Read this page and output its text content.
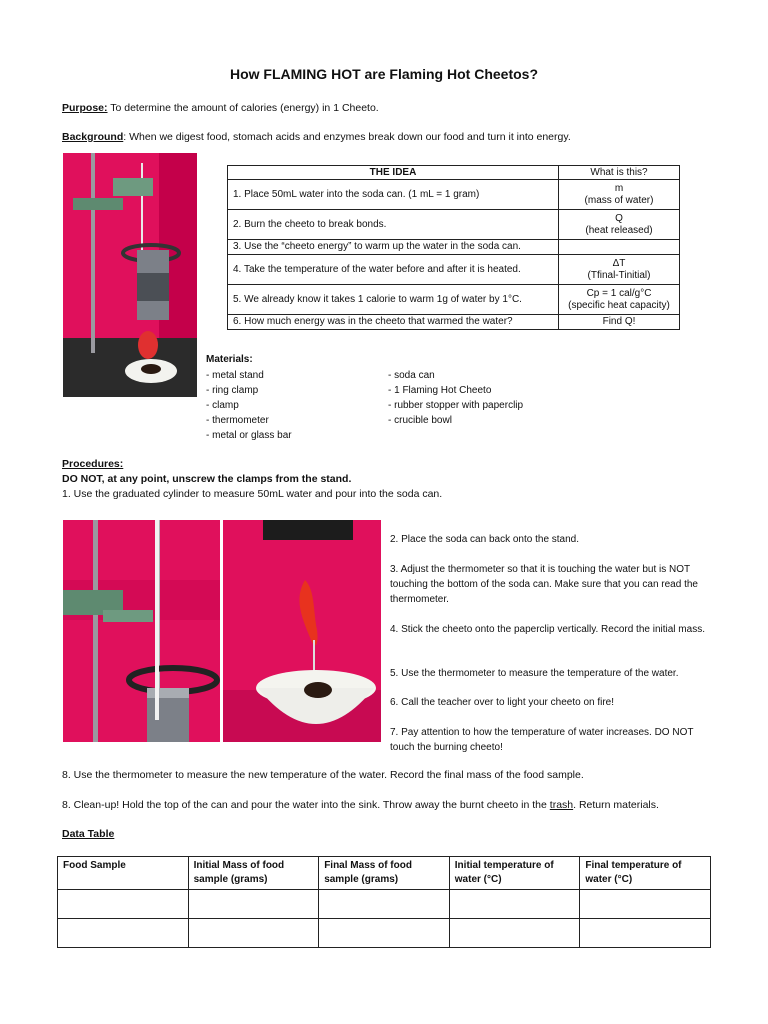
How FLAMING HOT are Flaming Hot Cheetos?
Purpose: To determine the amount of calories (energy) in 1 Cheeto.
Background: When we digest food, stomach acids and enzymes break down our food and turn it into energy.
THE IDEA	What is this?
1. Place 50mL water into the soda can. (1 mL = 1 gram)	m
(mass of water)

2. Burn the cheeto to break bonds.	Q
(heat released)

3. Use the “cheeto energy” to warm up the water in the soda can.	
4. Take the temperature of the water before and after it is heated.	ΔT
(Tfinal-Tinitial)

5. We already know it takes 1 calorie to warm 1g of water by 1°C.	Cp = 1 cal/g°C
(specific heat capacity)

6. How much energy was in the cheeto that warmed the water?	Find Q!
Materials:
- metal stand
- ring clamp
- clamp
- thermometer
- metal or glass bar
- soda can
- 1 Flaming Hot Cheeto
- rubber stopper with paperclip
- crucible bowl
Procedures:
DO NOT, at any point, unscrew the clamps from the stand.
1. Use the graduated cylinder to measure 50mL water and pour into the soda can.
2. Place the soda can back onto the stand.
3. Adjust the thermometer so that it is touching the water but is NOT touching the bottom of the soda can. Make sure that you can read the thermometer.
4. Stick the cheeto onto the paperclip vertically. Record the initial mass.
5. Use the thermometer to measure the temperature of the water.
6. Call the teacher over to light your cheeto on fire!
7. Pay attention to how the temperature of water increases. DO NOT touch the burning cheeto!
8. Use the thermometer to measure the new temperature of the water. Record the final mass of the food sample.
8. Clean-up! Hold the top of the can and pour the water into the sink. Throw away the burnt cheeto in the trash. Return materials.
Data Table
Food Sample	Initial Mass of food sample (grams)	Final Mass of food sample (grams)	Initial temperature of water (°C)	Final temperature of water (°C)
